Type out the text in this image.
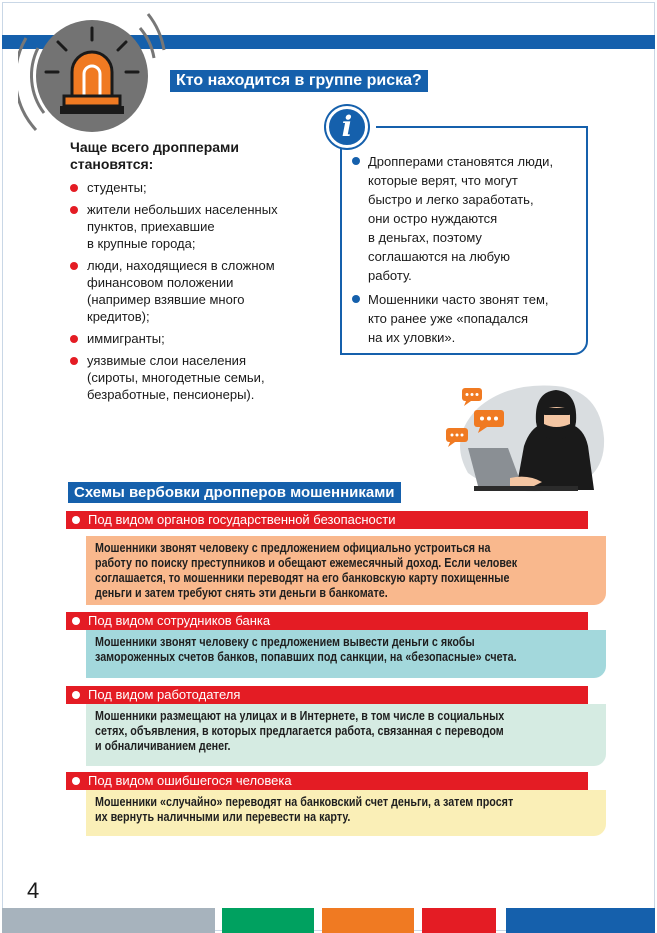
Кто находится в группе риска?
Чаще всего дропперами
становятся:
студенты;
жители небольших населенных
пунктов, приехавшие
в крупные города;
люди, находящиеся в сложном
финансовом положении
(например взявшие много
кредитов);
иммигранты;
уязвимые слои населения
(сироты, многодетные семьи,
безработные, пенсионеры).
i
Дропперами становятся люди,
которые верят, что могут
быстро и легко заработать,
они остро нуждаются
в деньгах, поэтому
соглашаются на любую
работу.
Мошенники часто звонят тем,
кто ранее уже «попадался
на их уловки».
Схемы вербовки дропперов мошенниками
Под видом органов государственной безопасности
Мошенники звонят человеку с предложением официально устроиться на
работу по поиску преступников и обещают ежемесячный доход. Если человек
соглашается, то мошенники переводят на его банковскую карту похищенные
деньги и затем требуют снять эти деньги в банкомате.
Под видом сотрудников банка
Мошенники звонят человеку с предложением вывести деньги с якобы
замороженных счетов банков, попавших под санкции, на «безопасные» счета.
Под видом работодателя
Мошенники размещают на улицах и в Интернете, в том числе в социальных
сетях, объявления, в которых предлагается работа, связанная с переводом
и обналичиванием денег.
Под видом ошибшегося человека
Мошенники «случайно» переводят на банковский счет деньги, а затем просят
их вернуть наличными или перевести на карту.
4
